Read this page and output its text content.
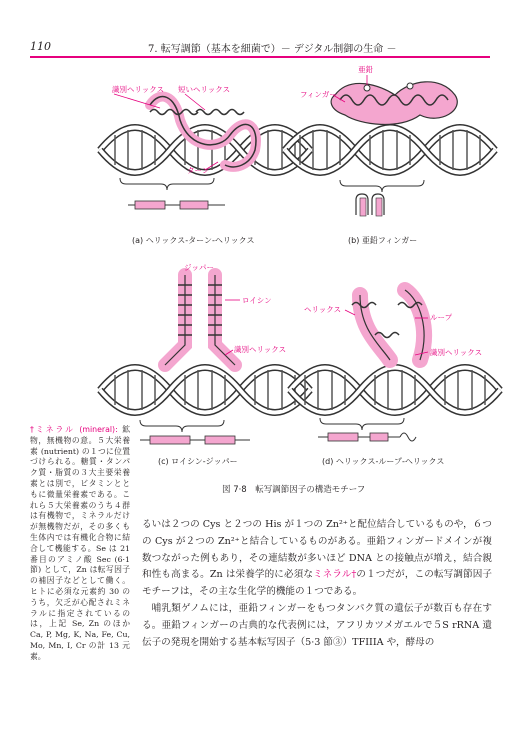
110	7. 転写調節（基本を細菌で）－ デジタル制御の生命 －
識別ヘリックス 短いヘリックス
ターン
(a) ヘリックス-ターン-ヘリックス
亜鉛
フィンガー
(b) 亜鉛フィンガー
ジッパー
ロイシン
識別ヘリックス
(c) ロイシン-ジッパー
ヘリックス
ループ
識別ヘリックス
(d) ヘリックス-ループ-ヘリックス
図 7·8　転写調節因子の構造モチーフ
†ミネラル (mineral): 鉱物，無機物の意。５大栄養素 (nutrient) の１つに位置づけられる。糖質・タンパク質・脂質の３大主要栄養素とは別で，ビタミンとともに微量栄養素である。これら５大栄養素のうち４群は有機物で，ミネラルだけが無機物だが，その多くも生体内では有機化合物に結合して機能する。Se は 21 番目のアミノ酸 Sec (6·1 節) として，Zn は転写因子の補因子などとして働く。ヒトに必須な元素約 30 のうち，欠乏が心配されミネラルに指定されているのは，上記 Se, Zn のほか Ca, P, Mg, K, Na, Fe, Cu, Mo, Mn, I, Cr の計 13 元素。

るいは２つの Cys と２つの His が１つの Zn²⁺と配位結合しているものや，６つの Cys が２つの Zn²⁺と結合しているものがある。亜鉛フィンガードメインが複数つながった例もあり，その連結数が多いほど DNA との接触点が増え，結合親和性も高まる。Zn は栄養学的に必須なミネラル†の１つだが，この転写調節因子モチーフは，その主な生化学的機能の１つである。

哺乳類ゲノムには，亜鉛フィンガーをもつタンパク質の遺伝子が数百も存在する。亜鉛フィンガーの古典的な代表例には，アフリカツメガエルで５S rRNA 遺伝子の発現を開始する基本転写因子（5·3 節③）TFIIIA や，酵母の
